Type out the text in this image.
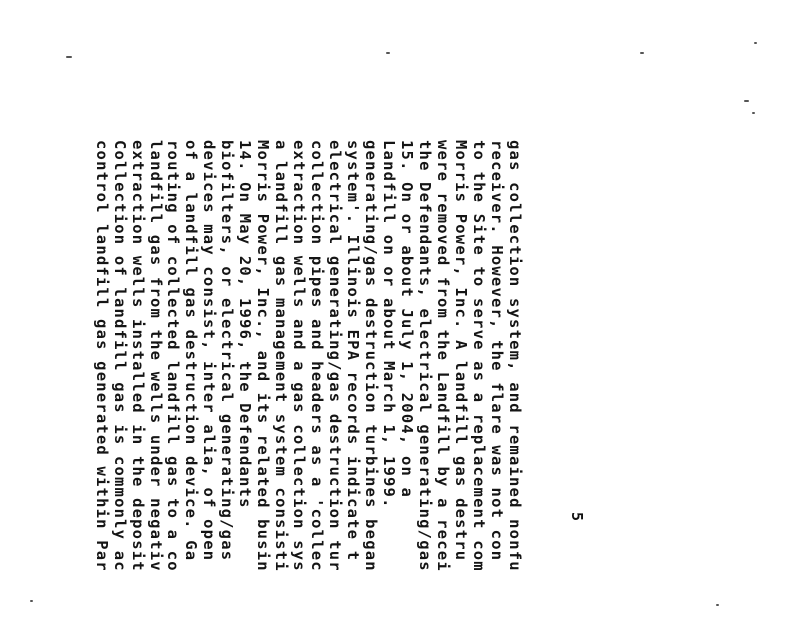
control landfill gas generated within Par Collection of landfill gas is commonly ac extraction wells installed in the deposit landfill gas from the wells under negativ routing of collected landfill gas to a co of a landfill gas destruction device. Ga devices may consist, inter alia, of open biofilters, or electrical generating/gas 14. On May 20, 1996, the Defendants Morris Power, Inc., and its related busin a landfill gas management system consisti extraction wells and a gas collection sys collection pipes and headers as a 'collec electrical generating/gas destruction tur system'. Illinois EPA records indicate t generating/gas destruction turbines began Landfill on or about March 1, 1999. 15. On or about July 1, 2004, on a the Defendants, electrical generating/gas were removed from the Landfill by a recei Morris Power, Inc. A landfill gas destru to the Site to serve as a replacement com receiver. However, the flare was not con gas collection system, and remained nonfu	5
